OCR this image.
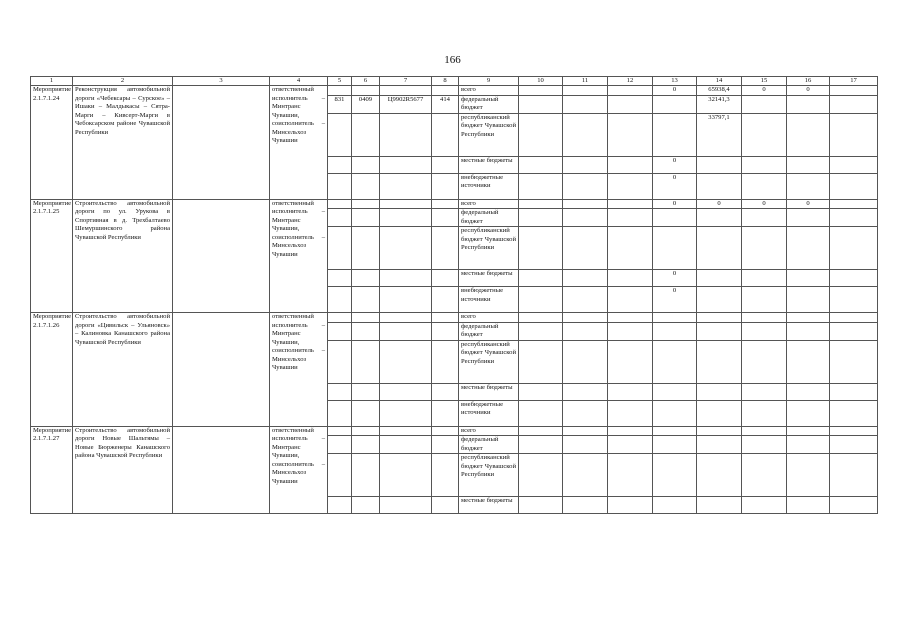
166
1	2	3	4	5	6	7	8	9	10	11	12	13	14	15	16	17
Мероприятие 2.1.7.1.24	Реконструкция автомобильной дороги «Чебексары – Сурское» – Ишаки – Малдыкасы – Сятра-Марги – Кивсерт-Марги в Чебоксарском районе Чувашской Республики		ответственный исполнитель – Минтранс Чувашии, соисполнитель – Минсельхоз Чувашии					всего				0	65938,4	0	0	
				831	0409	Ц9902R5677	414	федеральный бюджет					32141,3			
								республиканский бюджет Чувашской Республики					33797,1			
								местные бюджеты				0				
								внебюджетные источники				0				
Мероприятие 2.1.7.1.25	Строительство автомобильной дороги по ул. Урукова в Спортивная в д. Трехбалтаево Шемуршинского района Чувашской Республики		ответственный исполнитель – Минтранс Чувашии, соисполнитель – Минсельхоз Чувашии					всего				0	0	0	0	
								федеральный бюджет								
								республиканский бюджет Чувашской Республики								
								местные бюджеты				0				
								внебюджетные источники				0				
Мероприятие 2.1.7.1.26	Строительство автомобильной дороги «Цивильск – Ульяновск» – Калиновка Канашского района Чувашской Республики		ответственный исполнитель – Минтранс Чувашии, соисполнитель – Минсельхоз Чувашии					всего								
								федеральный бюджет								
								республиканский бюджет Чувашской Республики								
								местные бюджеты								
								внебюджетные источники								
Мероприятие 2.1.7.1.27	Строительство автомобильной дороги Новые Шальтямы – Новые Бюрженеры Канашского района Чувашской Республики		ответственный исполнитель – Минтранс Чувашии, соисполнитель – Минсельхоз Чувашии					всего								
								федеральный бюджет								
								республиканский бюджет Чувашской Республики								
								местные бюджеты								
